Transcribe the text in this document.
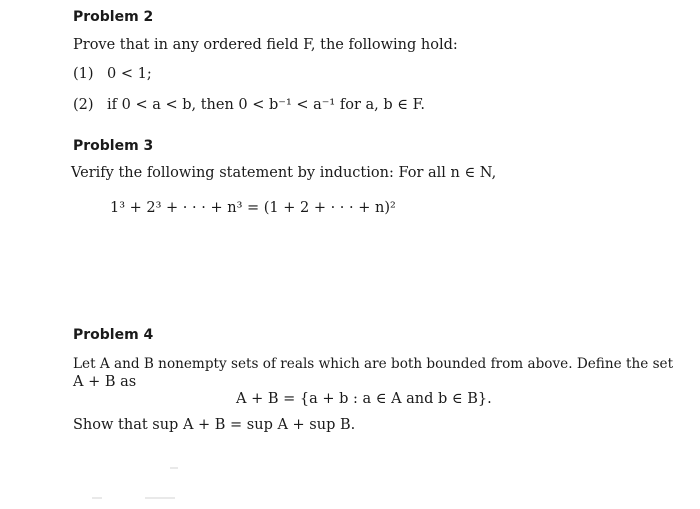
Problem 2
Prove that in any ordered field F, the following hold:
(1) 0 < 1;
(2) if 0 < a < b, then 0 < b⁻¹ < a⁻¹ for a, b ∈ F.
Problem 3
Verify the following statement by induction: For all n ∈ N,
1³ + 2³ + · · · + n³ = (1 + 2 + · · · + n)²
Problem 4
Let A and B nonempty sets of reals which are both bounded from above. Define the set
A + B as
A + B = {a + b : a ∈ A and b ∈ B}.
Show that sup A + B = sup A + sup B.
